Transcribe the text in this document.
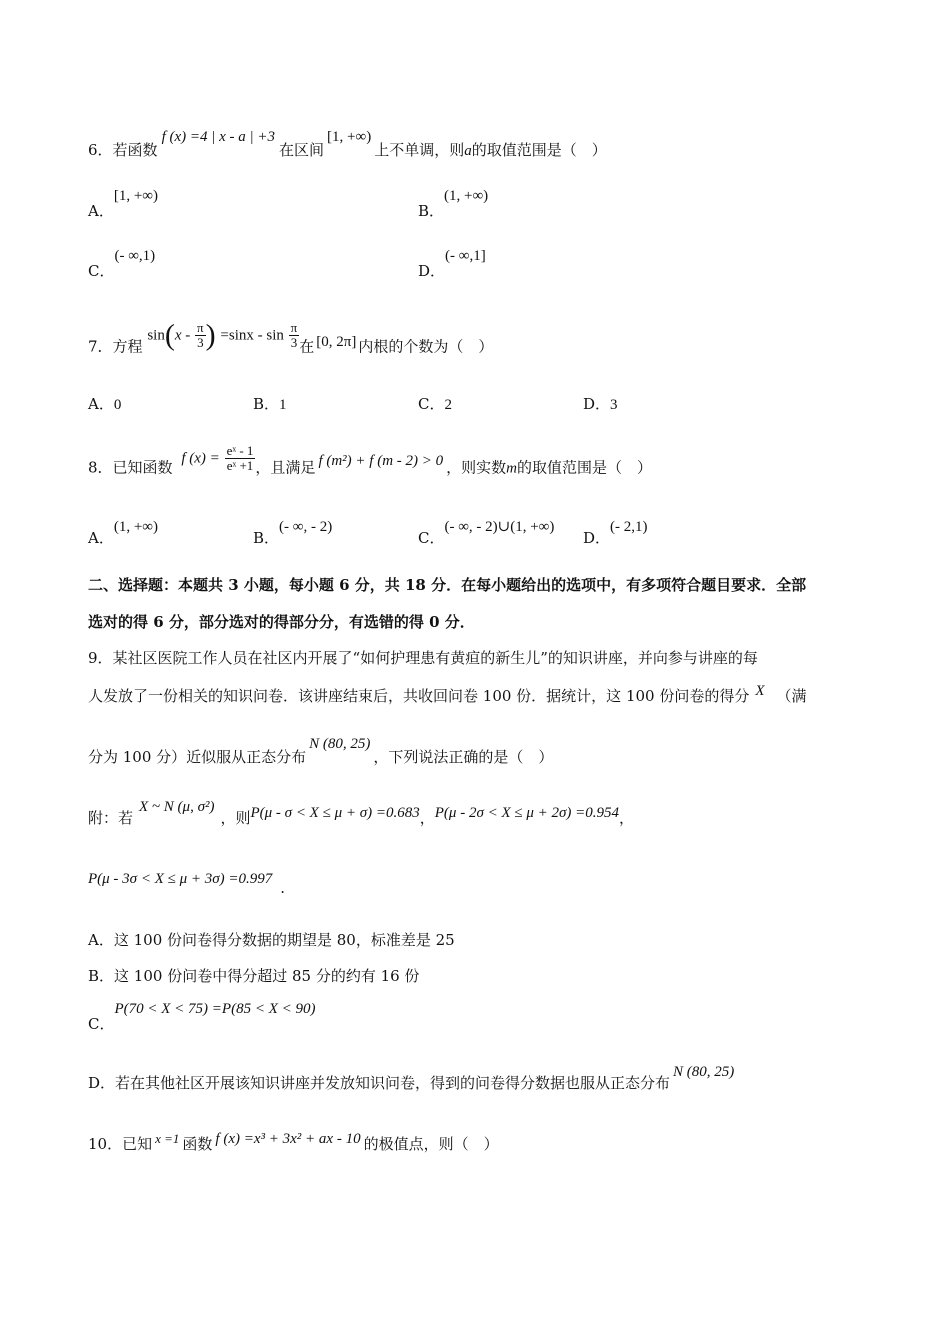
6．若函数f (x) =4 | x - a | +3在区间[1, +∞)上不单调，则a的取值范围是（　）
A．[1, +∞)
B．(1, +∞)
C．(- ∞,1)
D．(- ∞,1]
7．方程 $\sin(x - \frac{\pi}{3}$ ) $=\sin x - \sin \frac{\pi}{3}$ 在 [0, 2π] 内根的个数为（　）
A．0	B．1	C．2	D．3
8．已知函数 f $(x) = \frac{\text{eˣ - 1}}{\text{eˣ +1}}$ ，且满足 f (m²) + f (m - 2) > 0 ，则实数m的取值范围是（　）
A．(1, +∞)
B．(- ∞, - 2)
C．(- ∞, - 2)∪(1, +∞)
D．(- 2,1)
二、选择题：本题共 3 小题，每小题 6 分，共 18 分．在每小题给出的选项中，有多项符合题目要求．全部
选对的得 6 分，部分选对的得部分分，有选错的得 0 分．
9．某社区医院工作人员在社区内开展了“如何护理患有黄疸的新生儿”的知识讲座，并向参与讲座的每
人发放了一份相关的知识问卷．该讲座结束后，共收回问卷 100 份．据统计，这 100 份问卷的得分 X （满
分为 100 分）近似服从正态分布N (80, 25)，下列说法正确的是（　）
附：若X ~ N (μ, σ²)，则P(μ - σ < X ≤ μ + σ) =0.683，P(μ - 2σ < X ≤ μ + 2σ) =0.954，
P(μ - 3σ < X ≤ μ + 3σ) =0.997 .
A．这 100 份问卷得分数据的期望是 80，标准差是 25
B．这 100 份问卷中得分超过 85 分的约有 16 份
C．P(70 < X < 75) =P(85 < X < 90)
D．若在其他社区开展该知识讲座并发放知识问卷，得到的问卷得分数据也服从正态分布N (80, 25)
10．已知 x =1 函数 f (x) =x³ + 3x² + ax - 10 的极值点，则（　）
